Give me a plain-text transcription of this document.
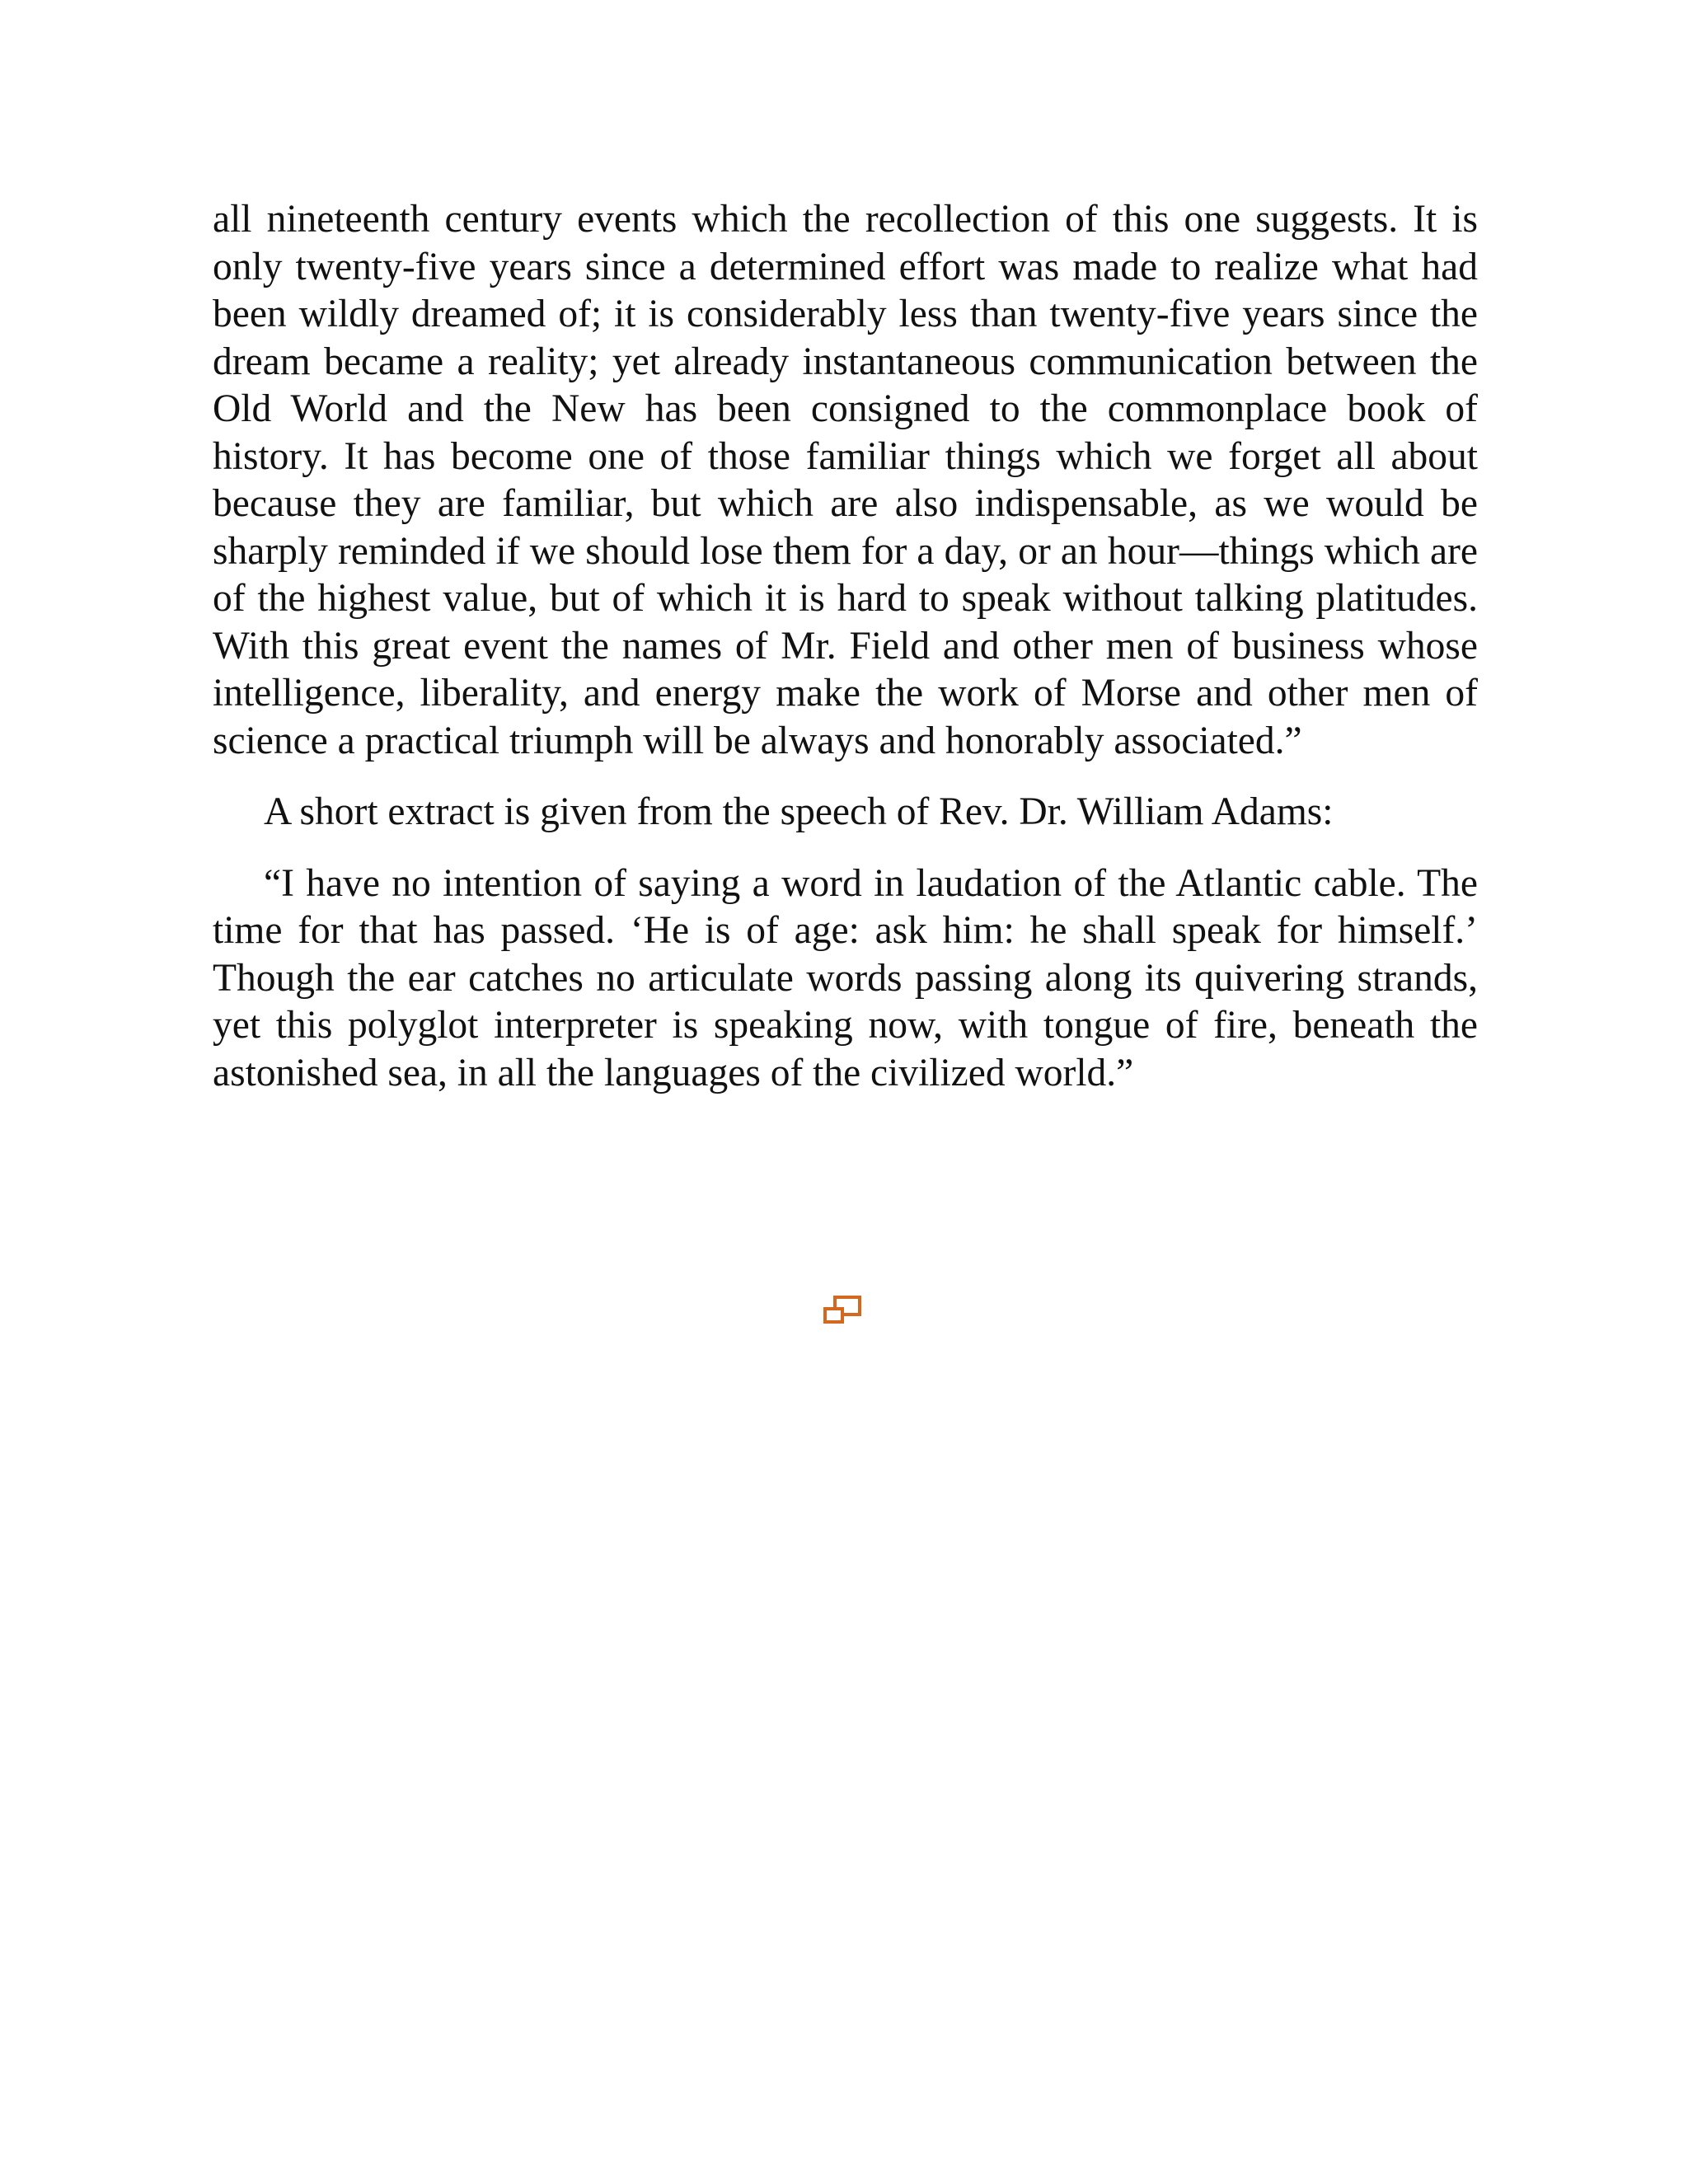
all nineteenth century events which the recollection of this one suggests. It is only twenty-five years since a determined effort was made to realize what had been wildly dreamed of; it is considerably less than twenty-five years since the dream became a reality; yet already instantaneous communication between the Old World and the New has been consigned to the commonplace book of history. It has become one of those familiar things which we forget all about because they are familiar, but which are also indispensable, as we would be sharply reminded if we should lose them for a day, or an hour—things which are of the highest value, but of which it is hard to speak without talking platitudes. With this great event the names of Mr. Field and other men of business whose intelligence, liberality, and energy make the work of Morse and other men of science a practical triumph will be always and honorably associated.”

A short extract is given from the speech of Rev. Dr. William Adams:

“I have no intention of saying a word in laudation of the Atlantic cable. The time for that has passed. ‘He is of age: ask him: he shall speak for himself.’ Though the ear catches no articulate words passing along its quivering strands, yet this polyglot interpreter is speaking now, with tongue of fire, beneath the astonished sea, in all the languages of the civilized world.”
